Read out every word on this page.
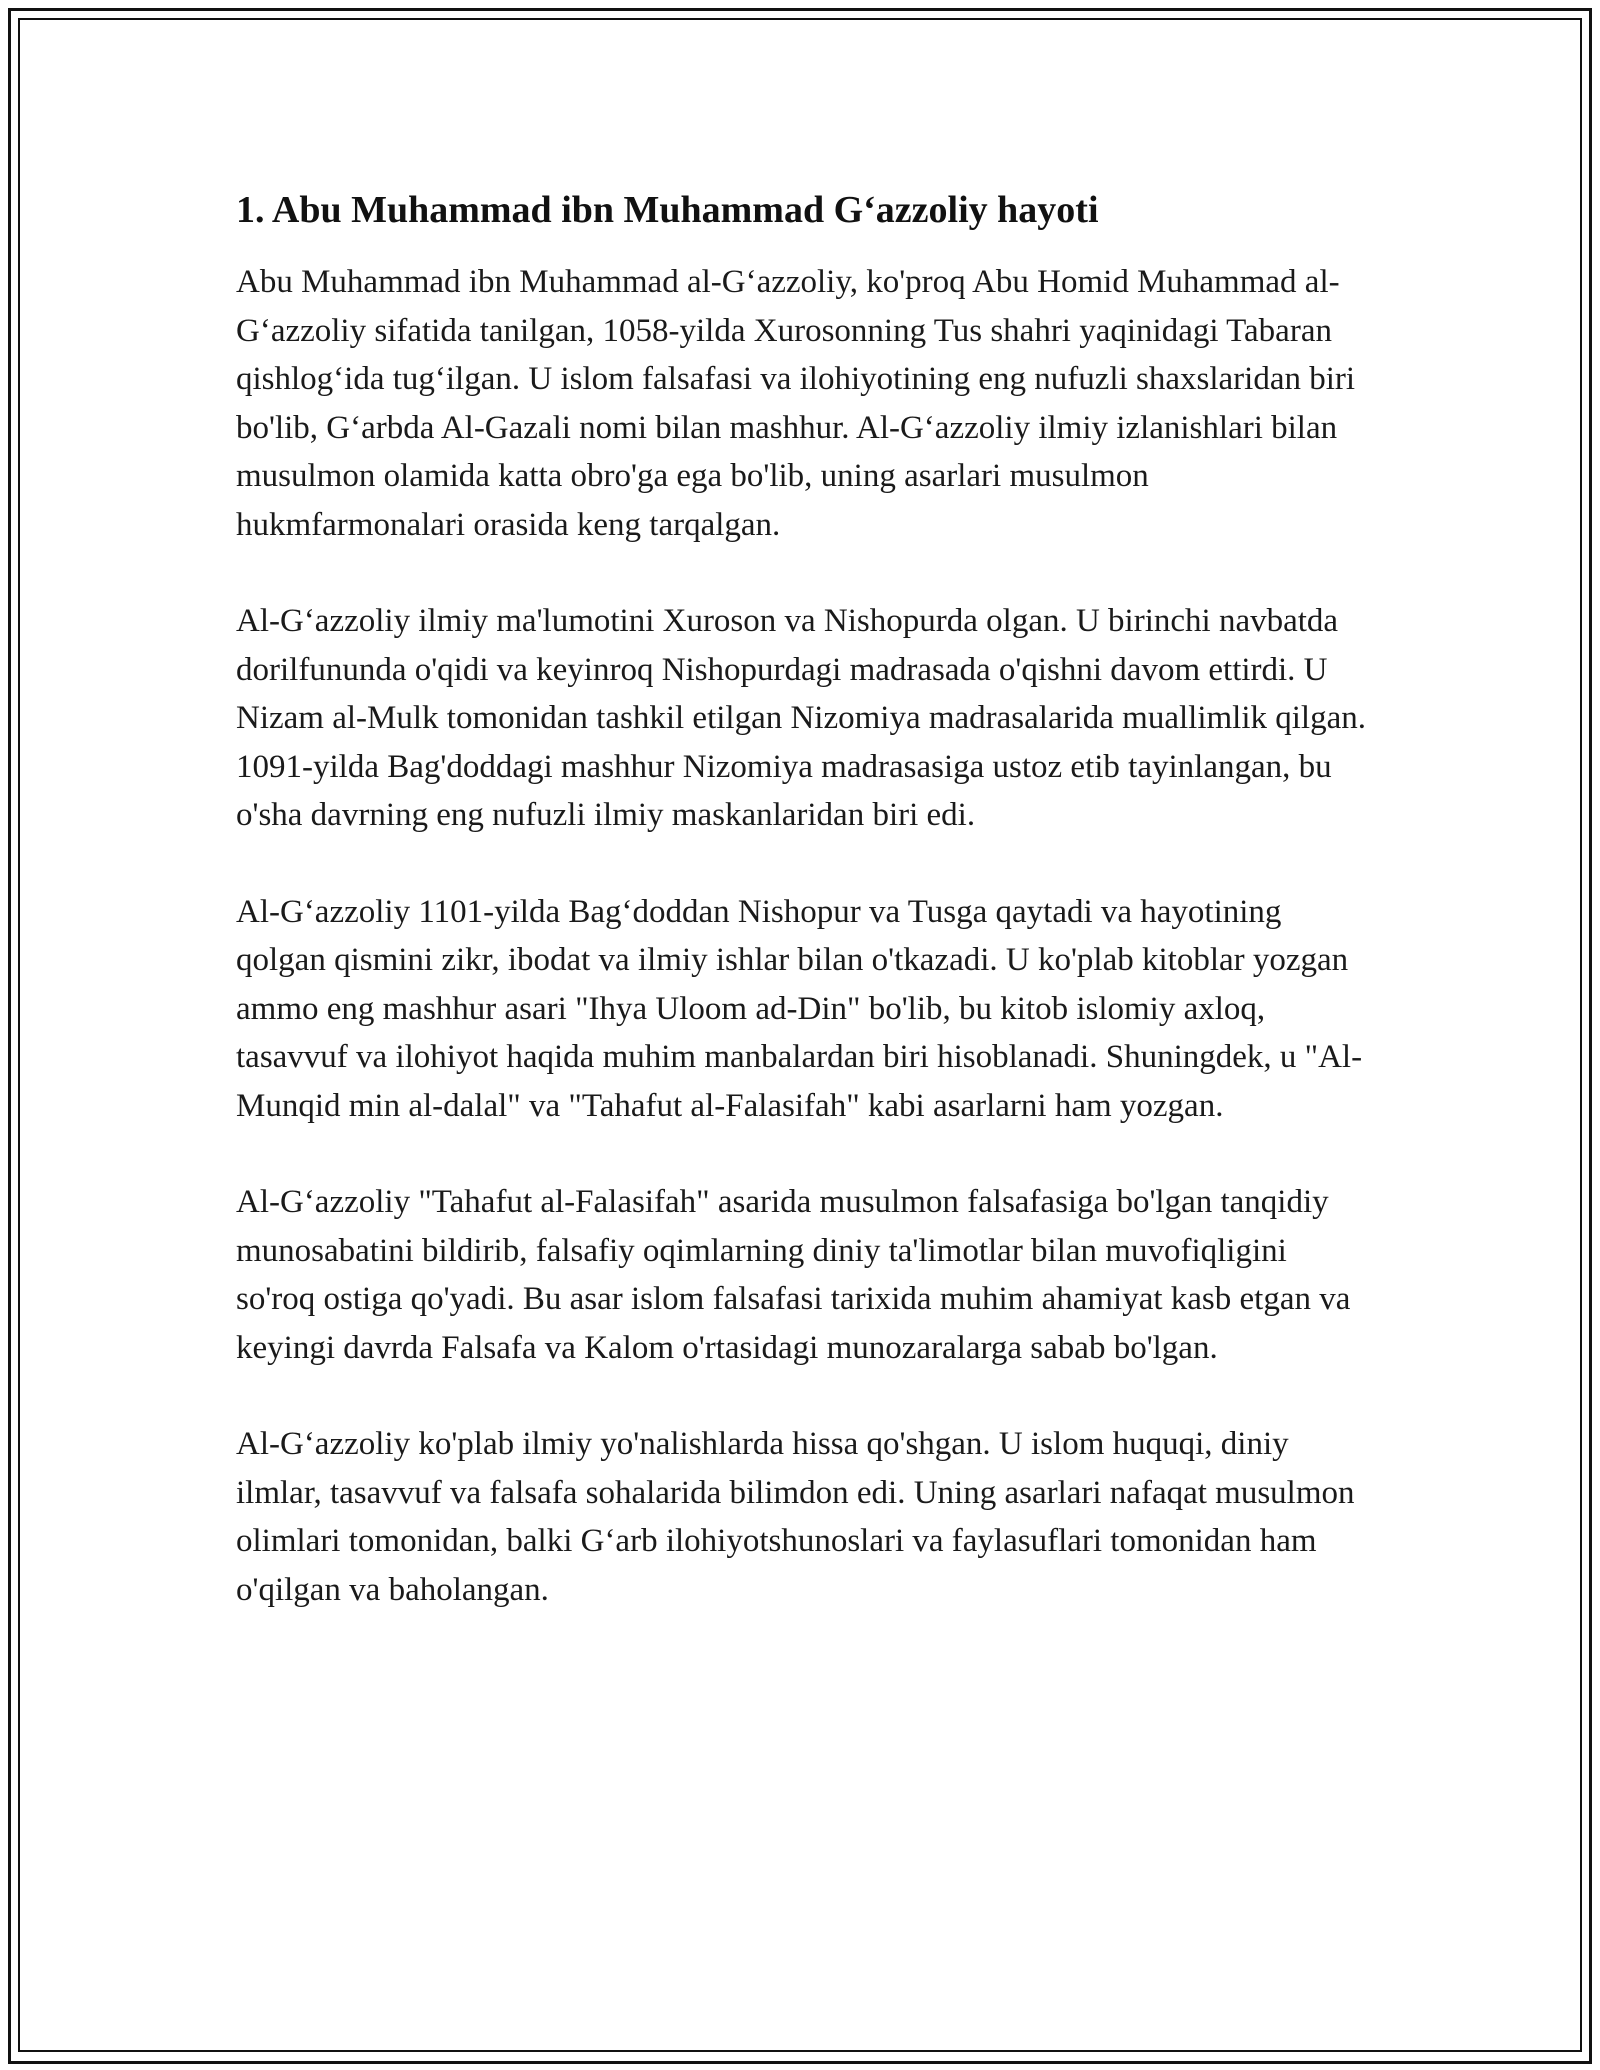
1. Abu Muhammad ibn Muhammad G‘azzoliy hayoti

Abu Muhammad ibn Muhammad al-G‘azzoliy, ko'proq Abu Homid Muhammad al-G‘azzoliy sifatida tanilgan, 1058-yilda Xurosonning Tus shahri yaqinidagi Tabaran qishlog‘ida tug‘ilgan. U islom falsafasi va ilohiyotining eng nufuzli shaxslaridan biri bo'lib, G‘arbda Al-Gazali nomi bilan mashhur. Al-G‘azzoliy ilmiy izlanishlari bilan musulmon olamida katta obro'ga ega bo'lib, uning asarlari musulmon hukmfarmonalari orasida keng tarqalgan.

Al-G‘azzoliy ilmiy ma'lumotini Xuroson va Nishopurda olgan. U birinchi navbatda dorilfununda o'qidi va keyinroq Nishopurdagi madrasada o'qishni davom ettirdi. U Nizam al-Mulk tomonidan tashkil etilgan Nizomiya madrasalarida muallimlik qilgan. 1091-yilda Bag'doddagi mashhur Nizomiya madrasasiga ustoz etib tayinlangan, bu o'sha davrning eng nufuzli ilmiy maskanlaridan biri edi.

Al-G‘azzoliy 1101-yilda Bag‘doddan Nishopur va Tusga qaytadi va hayotining qolgan qismini zikr, ibodat va ilmiy ishlar bilan o'tkazadi. U ko'plab kitoblar yozgan ammo eng mashhur asari "Ihya Uloom ad-Din" bo'lib, bu kitob islomiy axloq, tasavvuf va ilohiyot haqida muhim manbalardan biri hisoblanadi. Shuningdek, u "Al-Munqid min al-dalal" va "Tahafut al-Falasifah" kabi asarlarni ham yozgan.

Al-G‘azzoliy "Tahafut al-Falasifah" asarida musulmon falsafasiga bo'lgan tanqidiy munosabatini bildirib, falsafiy oqimlarning diniy ta'limotlar bilan muvofiqligini so'roq ostiga qo'yadi. Bu asar islom falsafasi tarixida muhim ahamiyat kasb etgan va keyingi davrda Falsafa va Kalom o'rtasidagi munozaralarga sabab bo'lgan.

Al-G‘azzoliy ko'plab ilmiy yo'nalishlarda hissa qo'shgan. U islom huquqi, diniy ilmlar, tasavvuf va falsafa sohalarida bilimdon edi. Uning asarlari nafaqat musulmon olimlari tomonidan, balki G‘arb ilohiyotshunoslari va faylasuflari tomonidan ham o'qilgan va baholangan.
